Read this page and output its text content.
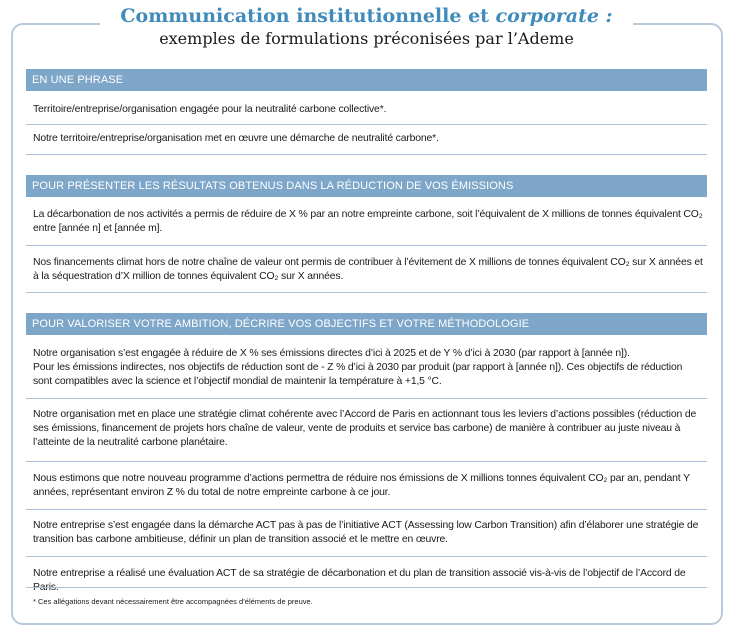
Communication institutionnelle et corporate :
exemples de formulations préconisées par l’Ademe
EN UNE PHRASE
Territoire/entreprise/organisation engagée pour la neutralité carbone collective*.
Notre territoire/entreprise/organisation met en œuvre une démarche de neutralité carbone*.
POUR PRÉSENTER LES RÉSULTATS OBTENUS DANS LA RÉDUCTION DE VOS ÉMISSIONS
La décarbonation de nos activités a permis de réduire de X % par an notre empreinte carbone, soit l’équivalent de X millions de tonnes équivalent CO₂ entre [année n] et [année m].
Nos financements climat hors de notre chaîne de valeur ont permis de contribuer à l’évitement de X millions de tonnes équivalent CO₂ sur X années et à la séquestration d’X million de tonnes équivalent CO₂ sur X années.
POUR VALORISER VOTRE AMBITION, DÉCRIRE VOS OBJECTIFS ET VOTRE MÉTHODOLOGIE
Notre organisation s’est engagée à réduire de X % ses émissions directes d’ici à 2025 et de Y % d’ici à 2030 (par rapport à [année n]).
Pour les émissions indirectes, nos objectifs de réduction sont de - Z % d’ici à 2030 par produit (par rapport à [année n]). Ces objectifs de réduction sont compatibles avec la science et l’objectif mondial de maintenir la température à +1,5 °C.
Notre organisation met en place une stratégie climat cohérente avec l’Accord de Paris en actionnant tous les leviers d’actions possibles (réduction de ses émissions, financement de projets hors chaîne de valeur, vente de produits et service bas carbone) de manière à contribuer au juste niveau à l’atteinte de la neutralité carbone planétaire.
Nous estimons que notre nouveau programme d’actions permettra de réduire nos émissions de X millions tonnes équivalent CO₂ par an, pendant Y années, représentant environ Z % du total de notre empreinte carbone à ce jour.
Notre entreprise s’est engagée dans la démarche ACT pas à pas de l’initiative ACT (Assessing low Carbon Transition) afin d’élaborer une stratégie de transition bas carbone ambitieuse, définir un plan de transition associé et le mettre en œuvre.
Notre entreprise a réalisé une évaluation ACT de sa stratégie de décarbonation et du plan de transition associé vis-à-vis de l’objectif de l’Accord de Paris.
* Ces allégations devant nécessairement être accompagnées d’éléments de preuve.
